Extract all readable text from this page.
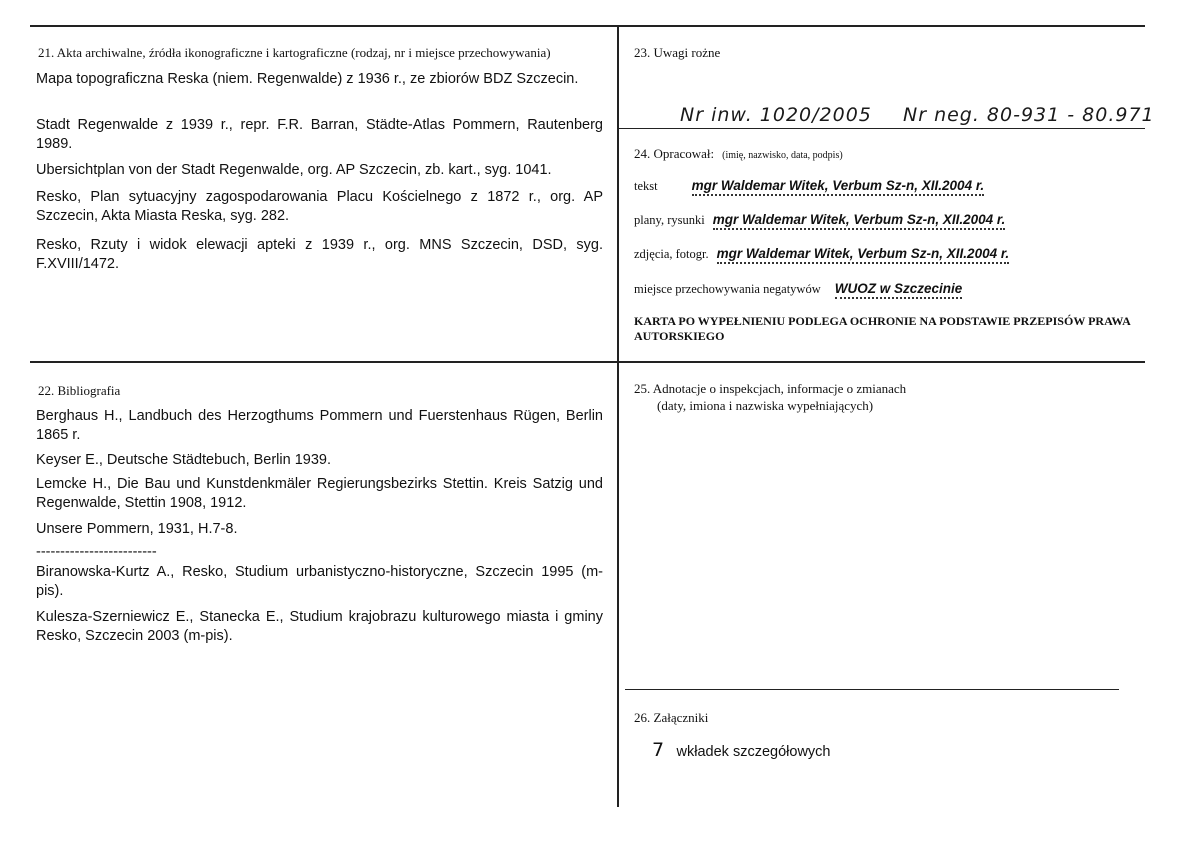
21. Akta archiwalne, źródła ikonograficzne i kartograficzne (rodzaj, nr i miejsce przechowywania)
Mapa topograficzna Reska (niem. Regenwalde) z 1936 r., ze zbiorów BDZ Szczecin.
Stadt Regenwalde z 1939 r., repr. F.R. Barran, Städte-Atlas Pommern, Rautenberg 1989.
Ubersichtplan von der Stadt Regenwalde, org. AP Szczecin, zb. kart., syg. 1041.
Resko, Plan sytuacyjny zagospodarowania Placu Kościelnego z 1872 r., org. AP Szczecin, Akta Miasta Reska, syg. 282.
Resko, Rzuty i widok elewacji apteki z 1939 r., org. MNS Szczecin, DSD, syg. F.XVIII/1472.
22. Bibliografia
Berghaus H., Landbuch des Herzogthums Pommern und Fuerstenhaus Rügen, Berlin 1865 r.
Keyser E., Deutsche Städtebuch, Berlin 1939.
Lemcke H., Die Bau und Kunstdenkmäler Regierungsbezirks Stettin. Kreis Satzig und Regenwalde, Stettin 1908, 1912.
Unsere Pommern, 1931, H.7-8.
-------------------------
Biranowska-Kurtz A., Resko, Studium urbanistyczno-historyczne, Szczecin 1995 (m-pis).
Kulesza-Szerniewicz E., Stanecka E., Studium krajobrazu kulturowego miasta i gminy Resko, Szczecin 2003 (m-pis).
23. Uwagi rożne
Nr inw. 1020/2005 Nr neg. 80-931 - 80.971
24. Opracował: (imię, nazwisko, data, podpis)
tekst	mgr Waldemar Witek, Verbum Sz-n, XII.2004 r.
plany, rysunki mgr Waldemar Witek, Verbum Sz-n, XII.2004 r.
zdjęcia, fotogr. mgr Waldemar Witek, Verbum Sz-n, XII.2004 r.
miejsce przechowywania negatywów WUOZ w Szczecinie
KARTA PO WYPEŁNIENIU PODLEGA OCHRONIE NA PODSTAWIE PRZEPISÓW PRAWA AUTORSKIEGO
25. Adnotacje o inspekcjach, informacje o zmianach
(daty, imiona i nazwiska wypełniających)
26. Załączniki
7 wkładek szczegółowych
